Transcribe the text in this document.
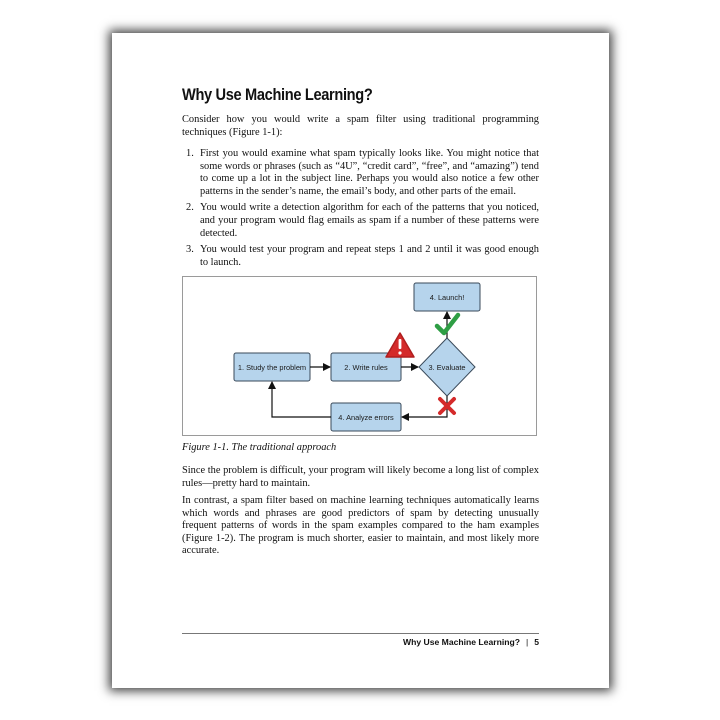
Why Use Machine Learning?

Consider how you would write a spam filter using traditional programming techniques (Figure 1-1):

1. First you would examine what spam typically looks like. You might notice that some words or phrases (such as “4U”, “credit card”, “free”, and “amazing”) tend to come up a lot in the subject line. Perhaps you would also notice a few other patterns in the sender’s name, the email’s body, and other parts of the email.
2. You would write a detection algorithm for each of the patterns that you noticed, and your program would flag emails as spam if a number of these patterns were detected.
3. You would test your program and repeat steps 1 and 2 until it was good enough to launch.
4. Launch!
1. Study the problem	2. Write rules	3. Evaluate
4. Analyze errors

Figure 1-1. The traditional approach

Since the problem is difficult, your program will likely become a long list of complex rules—pretty hard to maintain.

In contrast, a spam filter based on machine learning techniques automatically learns which words and phrases are good predictors of spam by detecting unusually frequent patterns of words in the spam examples compared to the ham examples (Figure 1-2). The program is much shorter, easier to maintain, and most likely more accurate.

Why Use Machine Learning? | 5
